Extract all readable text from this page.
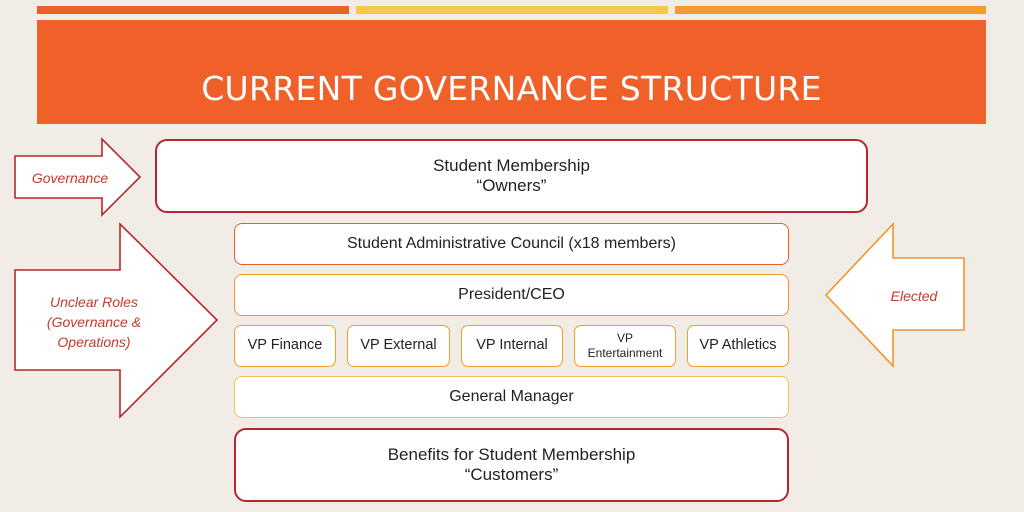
CURRENT GOVERNANCE STRUCTURE
Governance
Unclear Roles
(Governance &
Operations)
Elected
Student Membership
“Owners”
Student Administrative Council (x18 members)
President/CEO
VP Finance	VP External	VP Internal	VP
Entertainment	VP Athletics
General Manager
Benefits for Student Membership
“Customers”
